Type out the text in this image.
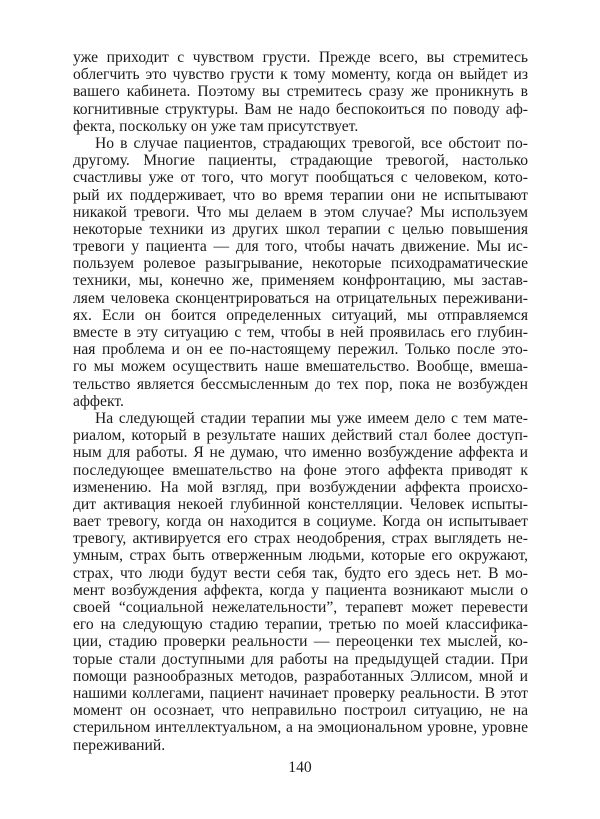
уже приходит с чувством грусти. Прежде всего, вы стремитесь
облегчить это чувство грусти к тому моменту, когда он выйдет из
вашего кабинета. Поэтому вы стремитесь сразу же проникнуть в
когнитивные структуры. Вам не надо беспокоиться по поводу аф-
фекта, поскольку он уже там присутствует.
Но в случае пациентов, страдающих тревогой, все обстоит по-
другому. Многие пациенты, страдающие тревогой, настолько
счастливы уже от того, что могут пообщаться с человеком, кото-
рый их поддерживает, что во время терапии они не испытывают
никакой тревоги. Что мы делаем в этом случае? Мы используем
некоторые техники из других школ терапии с целью повышения
тревоги у пациента — для того, чтобы начать движение. Мы ис-
пользуем ролевое разыгрывание, некоторые психодраматические
техники, мы, конечно же, применяем конфронтацию, мы застав-
ляем человека сконцентрироваться на отрицательных переживани-
ях. Если он боится определенных ситуаций, мы отправляемся
вместе в эту ситуацию с тем, чтобы в ней проявилась его глубин-
ная проблема и он ее по-настоящему пережил. Только после это-
го мы можем осуществить наше вмешательство. Вообще, вмеша-
тельство является бессмысленным до тех пор, пока не возбужден
аффект.
На следующей стадии терапии мы уже имеем дело с тем мате-
риалом, который в результате наших действий стал более доступ-
ным для работы. Я не думаю, что именно возбуждение аффекта и
последующее вмешательство на фоне этого аффекта приводят к
изменению. На мой взгляд, при возбуждении аффекта происхо-
дит активация некоей глубинной констелляции. Человек испыты-
вает тревогу, когда он находится в социуме. Когда он испытывает
тревогу, активируется его страх неодобрения, страх выглядеть не-
умным, страх быть отверженным людьми, которые его окружают,
страх, что люди будут вести себя так, будто его здесь нет. В мо-
мент возбуждения аффекта, когда у пациента возникают мысли о
своей “социальной нежелательности”, терапевт может перевести
его на следующую стадию терапии, третью по моей классифика-
ции, стадию проверки реальности — переоценки тех мыслей, ко-
торые стали доступными для работы на предыдущей стадии. При
помощи разнообразных методов, разработанных Эллисом, мной и
нашими коллегами, пациент начинает проверку реальности. В этот
момент он осознает, что неправильно построил ситуацию, не на
стерильном интеллектуальном, а на эмоциональном уровне, уровне
переживаний.
140
